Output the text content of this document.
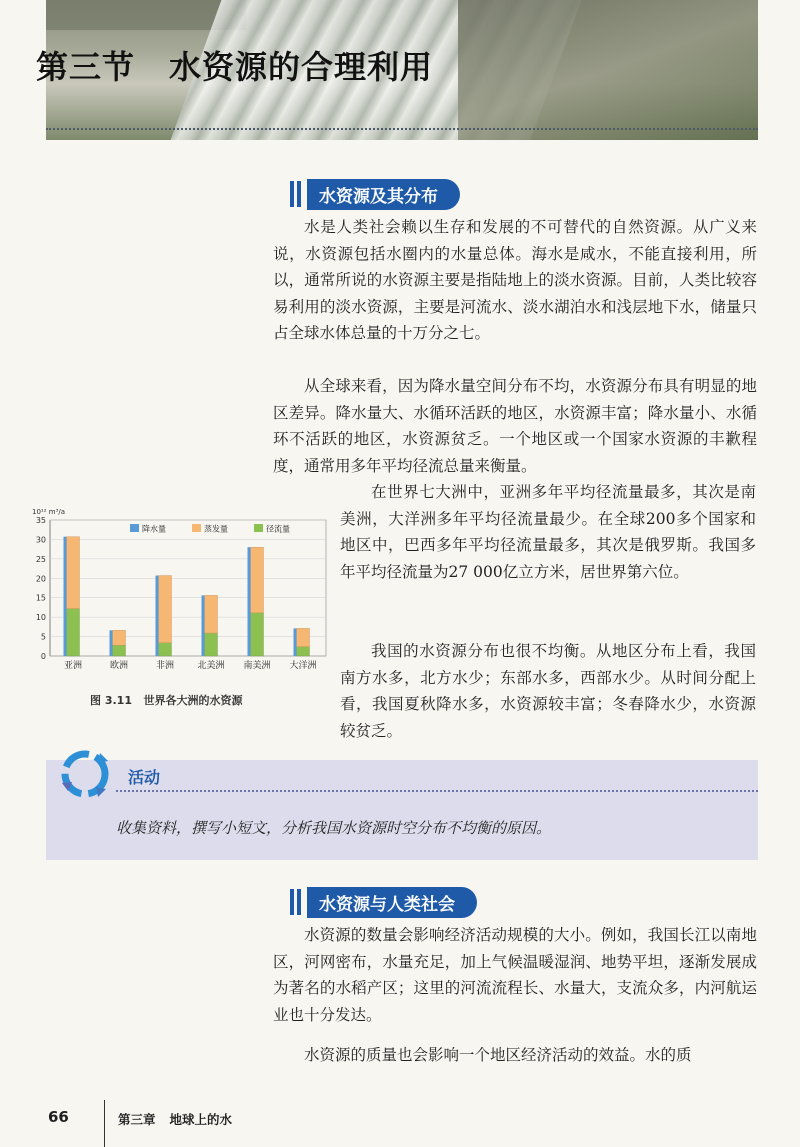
第三节 水资源的合理利用
水资源及其分布

水是人类社会赖以生存和发展的不可替代的自然资源。从广义来说，水资源包括水圈内的水量总体。海水是咸水，不能直接利用，所以，通常所说的水资源主要是指陆地上的淡水资源。目前，人类比较容易利用的淡水资源，主要是河流水、淡水湖泊水和浅层地下水，储量只占全球水体总量的十万分之七。

从全球来看，因为降水量空间分布不均，水资源分布具有明显的地区差异。降水量大、水循环活跃的地区，水资源丰富；降水量小、水循环不活跃的地区，水资源贫乏。一个地区或一个国家水资源的丰歉程度，通常用多年平均径流总量来衡量。

在世界七大洲中，亚洲多年平均径流量最多，其次是南美洲，大洋洲多年平均径流量最少。在全球200多个国家和地区中，巴西多年平均径流量最多，其次是俄罗斯。我国多年平均径流量为27 000亿立方米，居世界第六位。

我国的水资源分布也很不均衡。从地区分布上看，我国南方水多，北方水少；东部水多，西部水少。从时间分配上看，我国夏秋降水多，水资源较丰富；冬春降水少，水资源较贫乏。

10¹² m³/a
0
5
10
15
20
25
30
35
亚洲	欧洲	非洲	北美洲 南美洲 大洋洲
降水量	蒸发量	径流量
图 3.11 世界各大洲的水资源
活动
收集资料，撰写小短文，分析我国水资源时空分布不均衡的原因。
水资源与人类社会

水资源的数量会影响经济活动规模的大小。例如，我国长江以南地区，河网密布，水量充足，加上气候温暖湿润、地势平坦，逐渐发展成为著名的水稻产区；这里的河流流程长、水量大，支流众多，内河航运业也十分发达。

水资源的质量也会影响一个地区经济活动的效益。水的质

66	第三章 地球上的水
